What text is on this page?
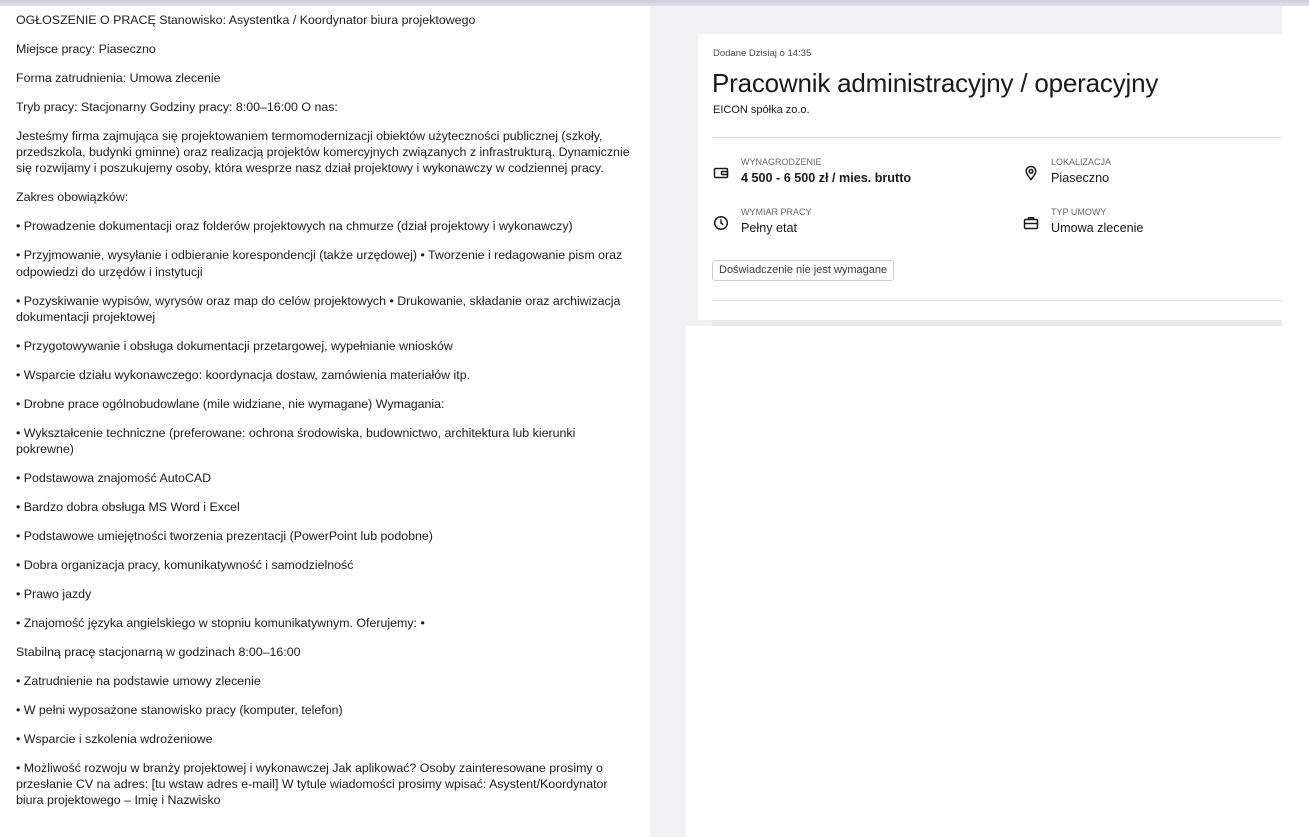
OGŁOSZENIE O PRACĘ Stanowisko: Asystentka / Koordynator biura projektowego
Miejsce pracy: Piaseczno
Forma zatrudnienia: Umowa zlecenie
Tryb pracy: Stacjonarny Godziny pracy: 8:00–16:00 O nas:
Jesteśmy firma zajmująca się projektowaniem termomodernizacji obiektów użyteczności publicznej (szkoły, przedszkola, budynki gminne) oraz realizacją projektów komercyjnych związanych z infrastrukturą. Dynamicznie się rozwijamy i poszukujemy osoby, która wesprze nasz dział projektowy i wykonawczy w codziennej pracy.
Zakres obowiązków:
• Prowadzenie dokumentacji oraz folderów projektowych na chmurze (dział projektowy i wykonawczy)
• Przyjmowanie, wysyłanie i odbieranie korespondencji (także urzędowej) • Tworzenie i redagowanie pism oraz odpowiedzi do urzędów i instytucji
• Pozyskiwanie wypisów, wyrysów oraz map do celów projektowych • Drukowanie, składanie oraz archiwizacja dokumentacji projektowej
• Przygotowywanie i obsługa dokumentacji przetargowej, wypełnianie wniosków
• Wsparcie działu wykonawczego: koordynacja dostaw, zamówienia materiałów itp.
• Drobne prace ogólnobudowlane (mile widziane, nie wymagane) Wymagania:
• Wykształcenie techniczne (preferowane: ochrona środowiska, budownictwo, architektura lub kierunki pokrewne)
• Podstawowa znajomość AutoCAD
• Bardzo dobra obsługa MS Word i Excel
• Podstawowe umiejętności tworzenia prezentacji (PowerPoint lub podobne)
• Dobra organizacja pracy, komunikatywność i samodzielność
• Prawo jazdy
• Znajomość języka angielskiego w stopniu komunikatywnym. Oferujemy: •
Stabilną pracę stacjonarną w godzinach 8:00–16:00
• Zatrudnienie na podstawie umowy zlecenie
• W pełni wyposażone stanowisko pracy (komputer, telefon)
• Wsparcie i szkolenia wdrożeniowe
• Możliwość rozwoju w branży projektowej i wykonawczej Jak aplikować? Osoby zainteresowane prosimy o przesłanie CV na adres: [tu wstaw adres e-mail] W tytule wiadomości prosimy wpisać: Asystent/Koordynator biura projektowego – Imię i Nazwisko
Dodane Dzisiaj o 14:35
Pracownik administracyjny / operacyjny
EICON spółka zo.o.
WYNAGRODZENIE
4 500 - 6 500 zł / mies. brutto
LOKALIZACJA
Piaseczno
WYMIAR PRACY
Pełny etat
TYP UMOWY
Umowa zlecenie
Doświadczenie nie jest wymagane
